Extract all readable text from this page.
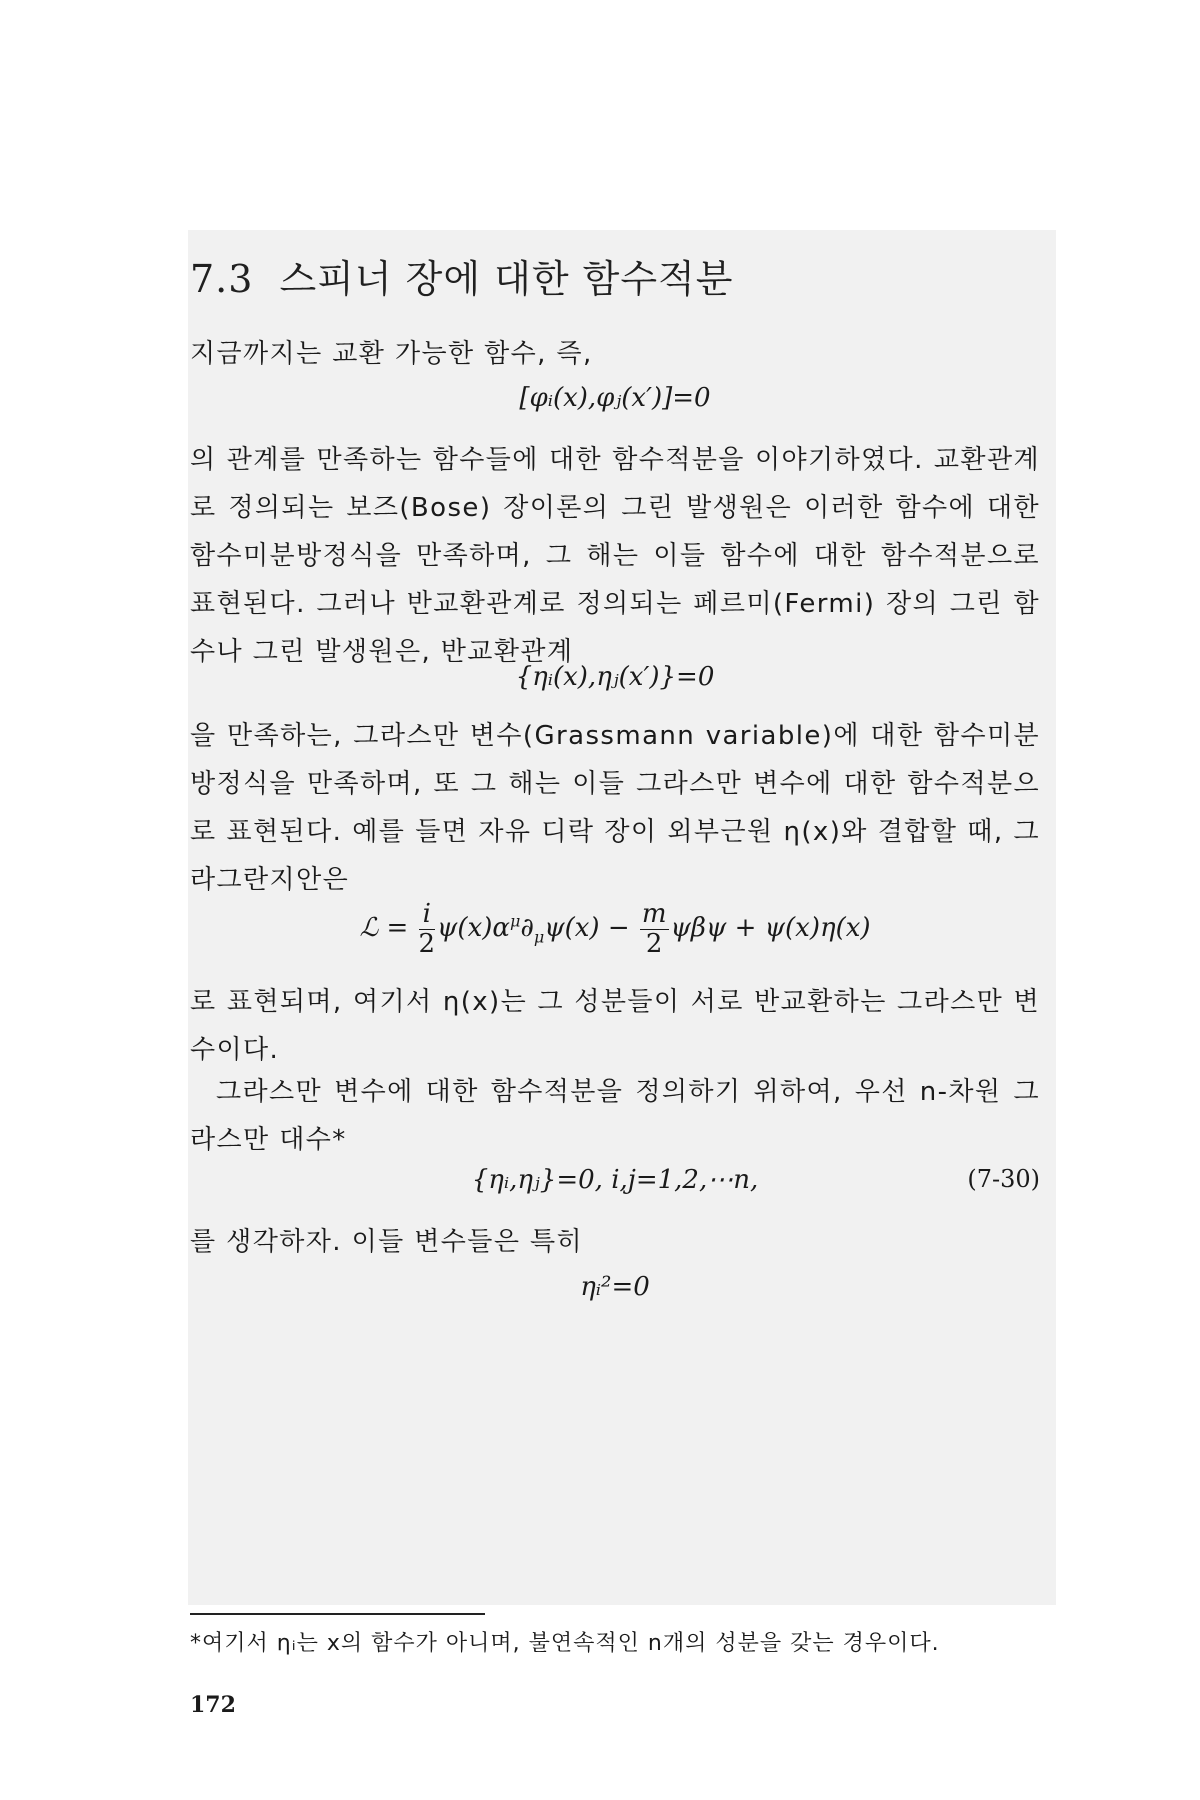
7.3 스피너 장에 대한 함수적분
지금까지는 교환 가능한 함수, 즉,
[φᵢ(x),φⱼ(x′)]=0
의 관계를 만족하는 함수들에 대한 함수적분을 이야기하였다. 교환관계로 정의되는 보즈(Bose) 장이론의 그린 발생원은 이러한 함수에 대한 함수미분방정식을 만족하며, 그 해는 이들 함수에 대한 함수적분으로 표현된다. 그러나 반교환관계로 정의되는 페르미(Fermi) 장의 그린 함수나 그린 발생원은, 반교환관계
{ηᵢ(x),ηⱼ(x′)}=0
을 만족하는, 그라스만 변수(Grassmann variable)에 대한 함수미분방정식을 만족하며, 또 그 해는 이들 그라스만 변수에 대한 함수적분으로 표현된다. 예를 들면 자유 디락 장이 외부근원 η(x)와 결합할 때, 그 라그란지안은
ℒ = $\frac{i}{2} \psi(x)\alpha^\mu\partial_\mu\psi(x) - \frac{m}{2}$ ψβψ + ψ(x)η(x)
로 표현되며, 여기서 η(x)는 그 성분들이 서로 반교환하는 그라스만 변수이다.
그라스만 변수에 대한 함수적분을 정의하기 위하여, 우선 n-차원 그라스만 대수*
{ηᵢ,ηⱼ}=0, i,j=1,2,⋯n,	(7-30)
를 생각하자. 이들 변수들은 특히
ηᵢ²=0
*여기서 ηᵢ는 x의 함수가 아니며, 불연속적인 n개의 성분을 갖는 경우이다.
172
